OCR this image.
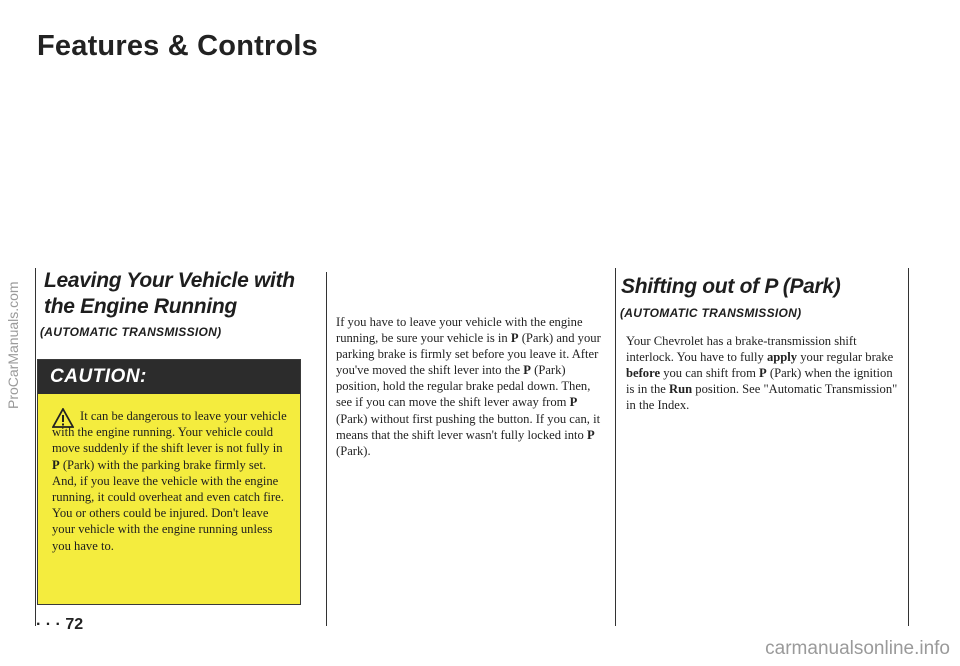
Features & Controls
ProCarManuals.com
Leaving Your Vehicle with the Engine Running
(AUTOMATIC TRANSMISSION)
CAUTION:
It can be dangerous to leave your vehicle with the engine running. Your vehicle could move suddenly if the shift lever is not fully in P (Park) with the parking brake firmly set. And, if you leave the vehicle with the engine running, it could overheat and even catch fire. You or others could be injured. Don't leave your vehicle with the engine running unless you have to.
If you have to leave your vehicle with the engine running, be sure your vehicle is in P (Park) and your parking brake is firmly set before you leave it. After you've moved the shift lever into the P (Park) position, hold the regular brake pedal down. Then, see if you can move the shift lever away from P (Park) without first pushing the button. If you can, it means that the shift lever wasn't fully locked into P (Park).
Shifting out of P (Park)
(AUTOMATIC TRANSMISSION)
Your Chevrolet has a brake-transmission shift interlock. You have to fully apply your regular brake before you can shift from P (Park) when the ignition is in the Run position. See "Automatic Transmission" in the Index.
· · · 72
carmanualsonline.info
